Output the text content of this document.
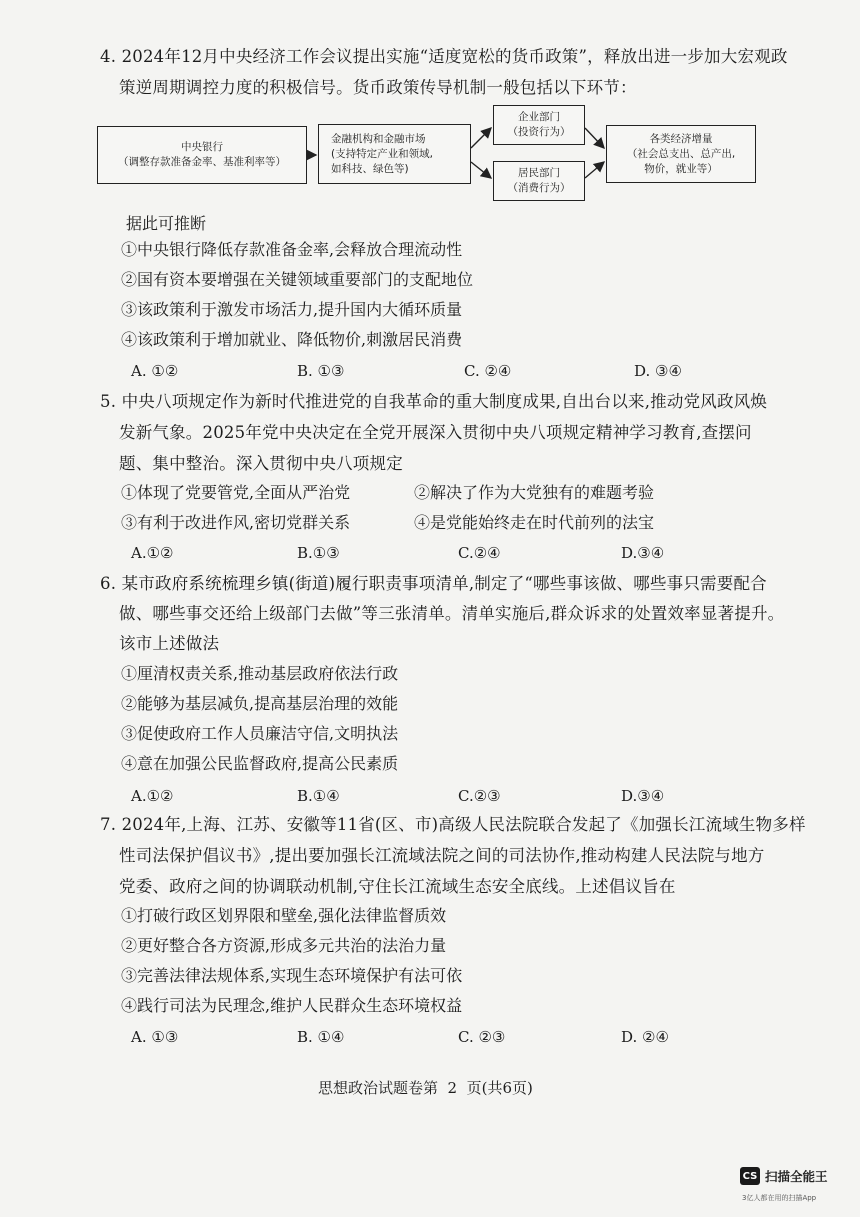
4. 2024年12月中央经济工作会议提出实施“适度宽松的货币政策”，释放出进一步加大宏观政
策逆周期调控力度的积极信号。货币政策传导机制一般包括以下环节：
中央银行
（调整存款准备金率、基准利率等）
金融机构和金融市场
(支持特定产业和领域,
如科技、绿色等)
企业部门
（投资行为）
居民部门
（消费行为）
各类经济增量
（社会总支出、总产出,
物价，就业等）
据此可推断
①中央银行降低存款准备金率,会释放合理流动性
②国有资本要增强在关键领域重要部门的支配地位
③该政策利于激发市场活力,提升国内大循环质量
④该政策利于增加就业、降低物价,刺激居民消费
A. ①②	B. ①③	C. ②④	D. ③④
5. 中央八项规定作为新时代推进党的自我革命的重大制度成果,自出台以来,推动党风政风焕
发新气象。2025年党中央决定在全党开展深入贯彻中央八项规定精神学习教育,查摆问
题、集中整治。深入贯彻中央八项规定
①体现了党要管党,全面从严治党	②解决了作为大党独有的难题考验
③有利于改进作风,密切党群关系	④是党能始终走在时代前列的法宝
A.①②	B.①③	C.②④	D.③④
6. 某市政府系统梳理乡镇(街道)履行职责事项清单,制定了“哪些事该做、哪些事只需要配合
做、哪些事交还给上级部门去做”等三张清单。清单实施后,群众诉求的处置效率显著提升。
该市上述做法
①厘清权责关系,推动基层政府依法行政
②能够为基层减负,提高基层治理的效能
③促使政府工作人员廉洁守信,文明执法
④意在加强公民监督政府,提高公民素质
A.①②	B.①④	C.②③	D.③④
7. 2024年,上海、江苏、安徽等11省(区、市)高级人民法院联合发起了《加强长江流域生物多样
性司法保护倡议书》,提出要加强长江流域法院之间的司法协作,推动构建人民法院与地方
党委、政府之间的协调联动机制,守住长江流域生态安全底线。上述倡议旨在
①打破行政区划界限和壁垒,强化法律监督质效
②更好整合各方资源,形成多元共治的法治力量
③完善法律法规体系,实现生态环境保护有法可依
④践行司法为民理念,维护人民群众生态环境权益
A. ①③	B. ①④	C. ②③	D. ②④
思想政治试题卷第  2  页(共6页)
CS 扫描全能王
3亿人都在用的扫描App
